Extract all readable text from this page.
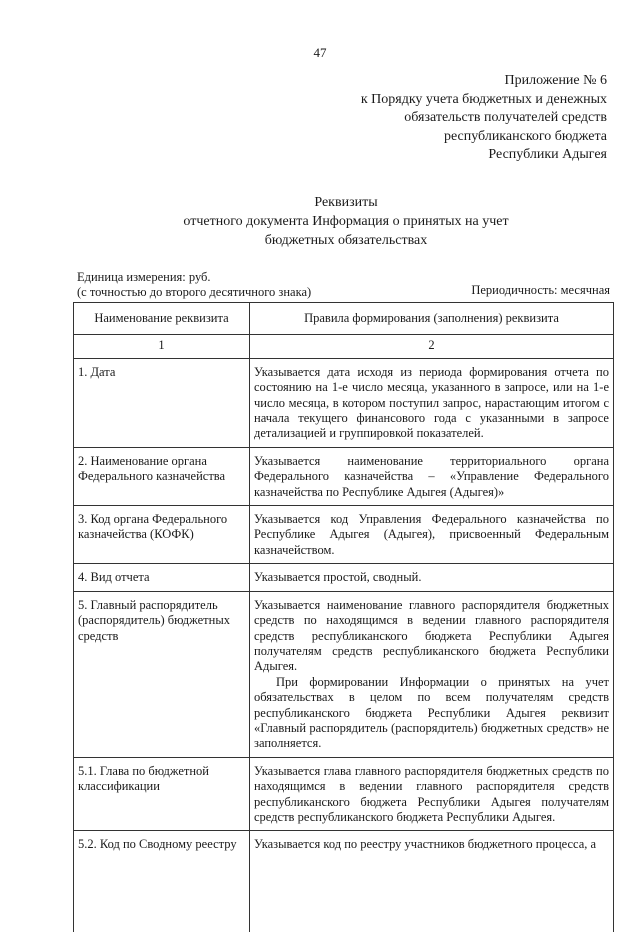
47
Приложение № 6
к Порядку учета бюджетных и денежных
обязательств получателей средств
республиканского бюджета
Республики Адыгея
Реквизиты
отчетного документа Информация о принятых на учет
бюджетных обязательствах
Единица измерения: руб.
(с точностью до второго десятичного знака)	Периодичность: месячная
Наименование реквизита	Правила формирования (заполнения) реквизита
1	2
1. Дата	Указывается дата исходя из периода формирования отчета по состоянию на 1-е число месяца, указанного в запросе, или на 1-е число месяца, в котором поступил запрос, нарастающим итогом с начала текущего финансового года с указанными в запросе детализацией и группировкой показателей.

2. Наименование органа Федерального казначейства	Указывается наименование территориального органа Федерального казначейства – «Управление Федерального казначейства по Республике Адыгея (Адыгея)»

3. Код органа Федерального казначейства (КОФК)	Указывается код Управления Федерального казначейства по Республике Адыгея (Адыгея), присвоенный Федеральным казначейством.

4. Вид отчета	Указывается простой, сводный.

5. Главный распорядитель (распорядитель) бюджетных средств	Указывается наименование главного распорядителя бюджетных средств по находящимся в ведении главного распорядителя средств республиканского бюджета Республики Адыгея получателям средств республиканского бюджета Республики Адыгея.

При формировании Информации о принятых на учет обязательствах в целом по всем получателям средств республиканского бюджета Республики Адыгея реквизит «Главный распорядитель (распорядитель) бюджетных средств» не заполняется.

5.1. Глава по бюджетной классификации	Указывается глава главного распорядителя бюджетных средств по находящимся в ведении главного распорядителя средств республиканского бюджета Республики Адыгея получателям средств республиканского бюджета Республики Адыгея.

5.2. Код по Сводному реестру	Указывается код по реестру участников бюджетного процесса, а
